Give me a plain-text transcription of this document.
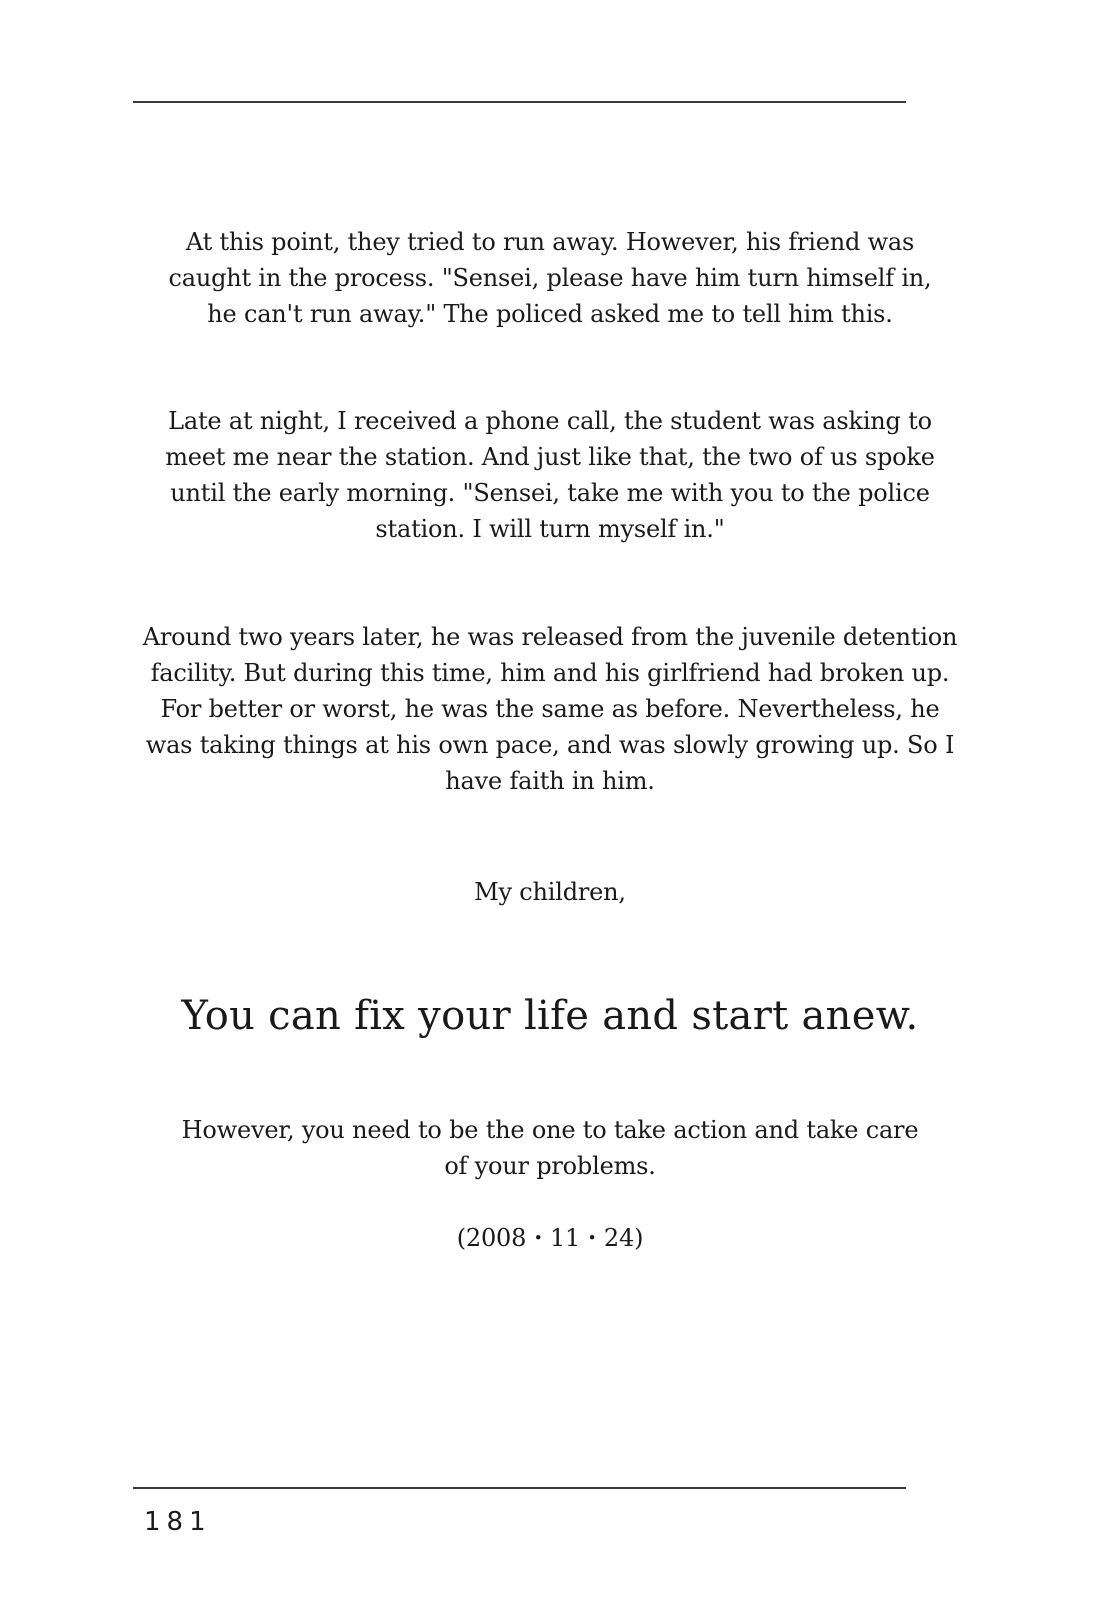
At this point, they tried to run away. However, his friend was caught in the process. "Sensei, please have him turn himself in, he can't run away." The policed asked me to tell him this.
Late at night, I received a phone call, the student was asking to meet me near the station. And just like that, the two of us spoke until the early morning. "Sensei, take me with you to the police station. I will turn myself in."
Around two years later, he was released from the juvenile detention facility. But during this time, him and his girlfriend had broken up. For better or worst, he was the same as before. Nevertheless, he was taking things at his own pace, and was slowly growing up. So I have faith in him.
My children,
You can fix your life and start anew.
However, you need to be the one to take action and take care of your problems.
(2008・11・24)
181
